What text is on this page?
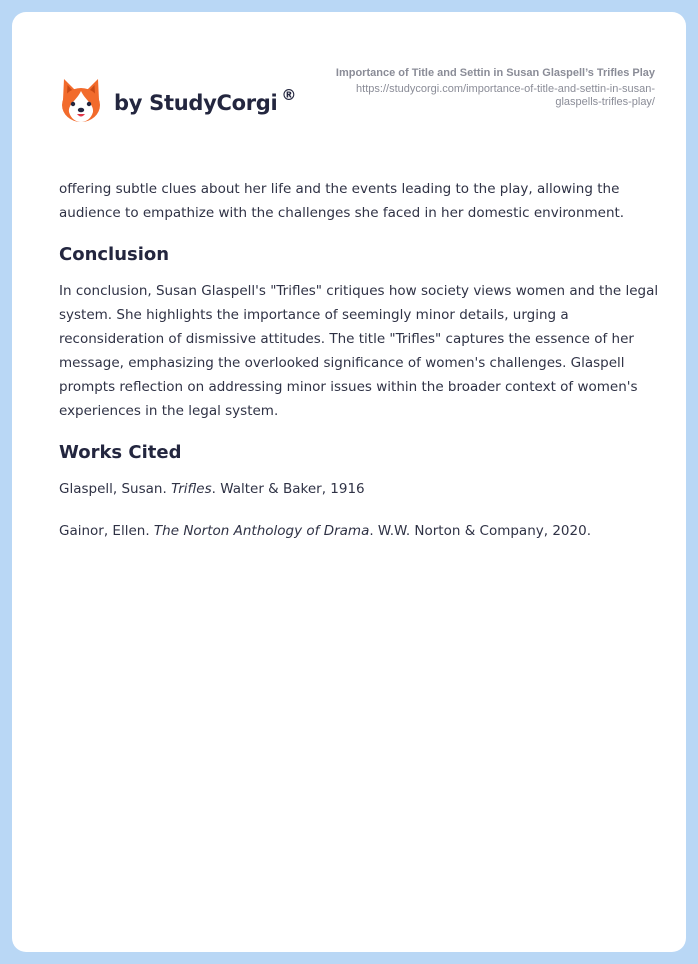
by StudyCorgi ®
Importance of Title and Settin in Susan Glaspell’s Trifles Play
https://studycorgi.com/importance-of-title-and-settin-in-susan-glaspells-trifles-play/

offering subtle clues about her life and the events leading to the play, allowing the audience to empathize with the challenges she faced in her domestic environment.

Conclusion

In conclusion, Susan Glaspell's "Trifles" critiques how society views women and the legal system. She highlights the importance of seemingly minor details, urging a reconsideration of dismissive attitudes. The title "Trifles" captures the essence of her message, emphasizing the overlooked significance of women's challenges. Glaspell prompts reflection on addressing minor issues within the broader context of women's experiences in the legal system.

Works Cited

Glaspell, Susan. Trifles. Walter & Baker, 1916

Gainor, Ellen. The Norton Anthology of Drama. W.W. Norton & Company, 2020.
